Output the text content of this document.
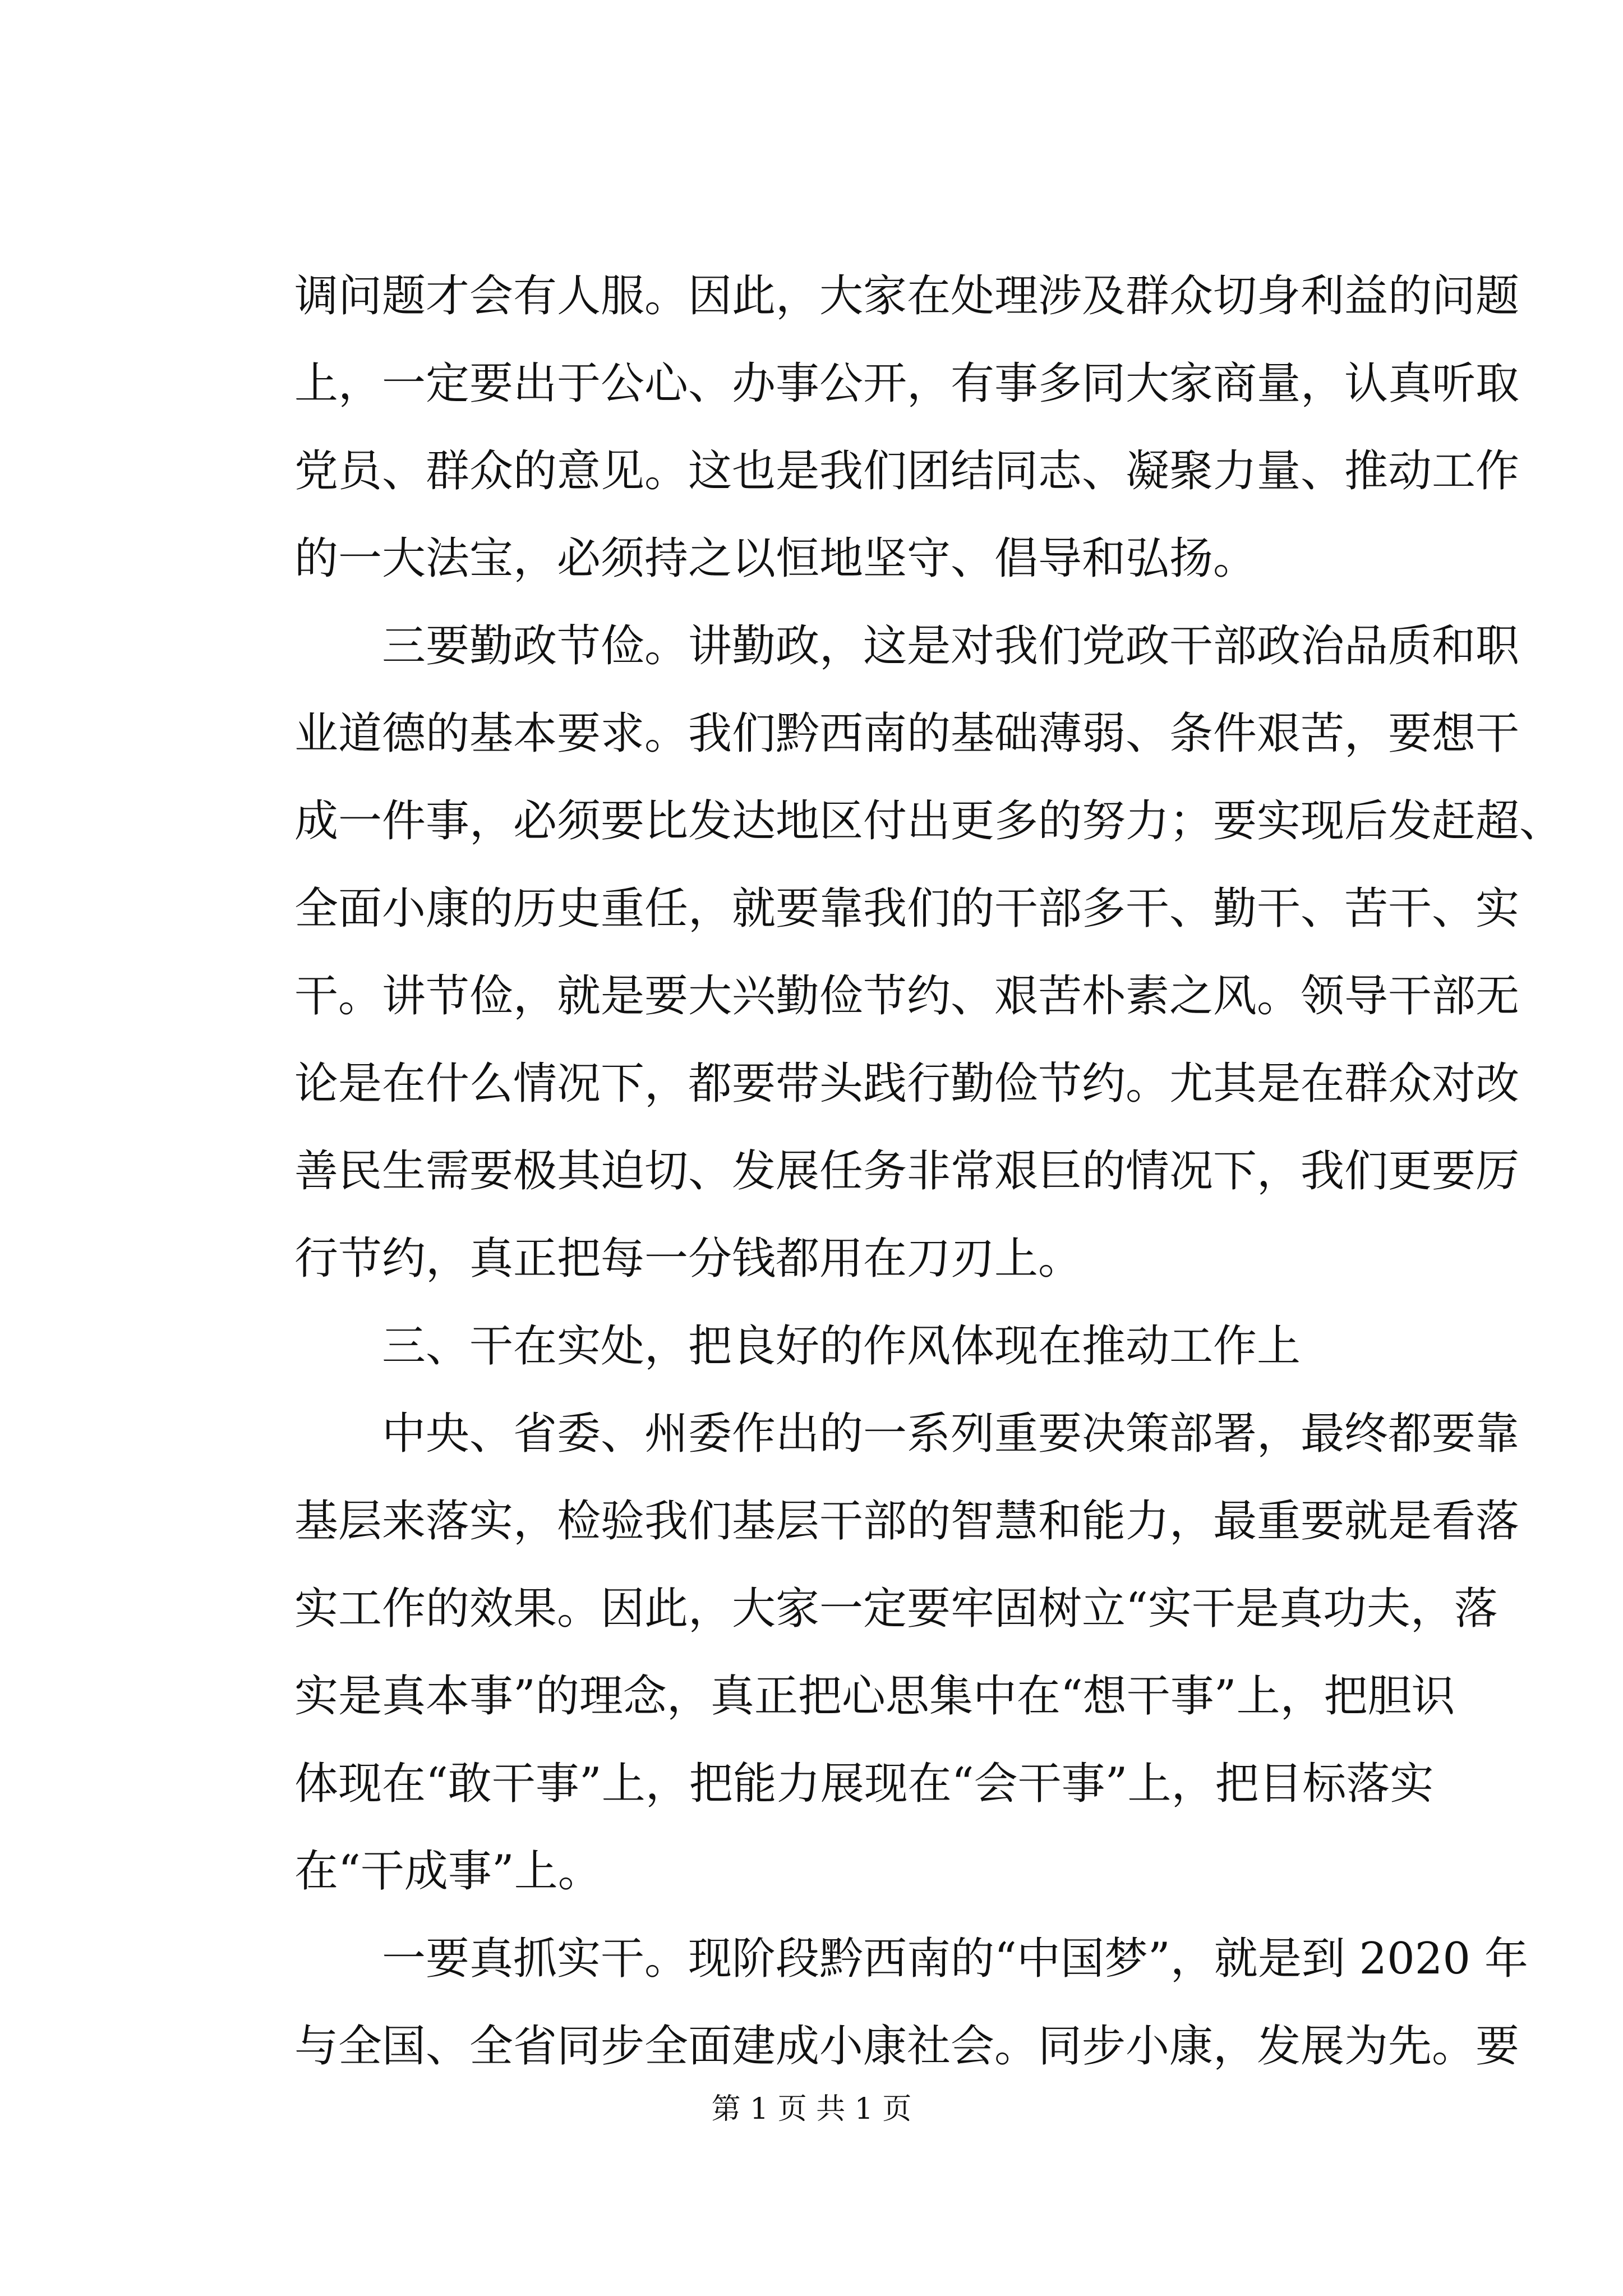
调问题才会有人服。因此，大家在处理涉及群众切身利益的问题
上，一定要出于公心、办事公开，有事多同大家商量，认真听取
党员、群众的意见。这也是我们团结同志、凝聚力量、推动工作
的一大法宝，必须持之以恒地坚守、倡导和弘扬。
三要勤政节俭。讲勤政，这是对我们党政干部政治品质和职
业道德的基本要求。我们黔西南的基础薄弱、条件艰苦，要想干
成一件事，必须要比发达地区付出更多的努力；要实现后发赶超、
全面小康的历史重任，就要靠我们的干部多干、勤干、苦干、实
干。讲节俭，就是要大兴勤俭节约、艰苦朴素之风。领导干部无
论是在什么情况下，都要带头践行勤俭节约。尤其是在群众对改
善民生需要极其迫切、发展任务非常艰巨的情况下，我们更要厉
行节约，真正把每一分钱都用在刀刃上。
三、干在实处，把良好的作风体现在推动工作上
中央、省委、州委作出的一系列重要决策部署，最终都要靠
基层来落实，检验我们基层干部的智慧和能力，最重要就是看落
实工作的效果。因此，大家一定要牢固树立“实干是真功夫，落
实是真本事”的理念，真正把心思集中在“想干事”上，把胆识
体现在“敢干事”上，把能力展现在“会干事”上，把目标落实
在“干成事”上。
一要真抓实干。现阶段黔西南的“中国梦”，就是到 2020 年
与全国、全省同步全面建成小康社会。同步小康，发展为先。要
第 1 页 共 1 页
